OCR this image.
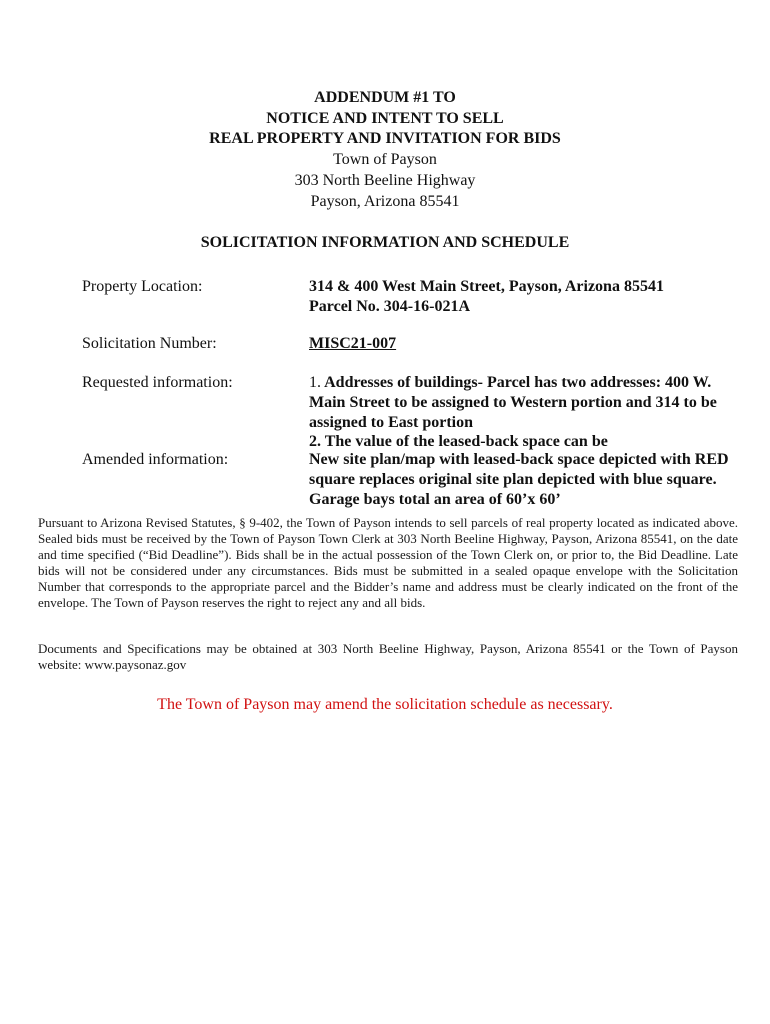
ADDENDUM #1 TO
NOTICE AND INTENT TO SELL
REAL PROPERTY AND INVITATION FOR BIDS
Town of Payson
303 North Beeline Highway
Payson, Arizona 85541
SOLICITATION INFORMATION AND SCHEDULE
Property Location:	314 & 400 West Main Street, Payson, Arizona 85541
Parcel No. 304-16-021A
Solicitation Number:	MISC21-007
Requested information:	1. Addresses of buildings- Parcel has two addresses: 400 W.
Main Street to be assigned to Western portion and 314 to be
assigned to East portion
2. The value of the leased-back space can be
Amended information:	New site plan/map with leased-back space depicted with RED
square replaces original site plan depicted with blue square.
Garage bays total an area of 60’x 60’

Pursuant to Arizona Revised Statutes, § 9-402, the Town of Payson intends to sell parcels of real property located as indicated above. Sealed bids must be received by the Town of Payson Town Clerk at 303 North Beeline Highway, Payson, Arizona 85541, on the date and time specified (“Bid Deadline”). Bids shall be in the actual possession of the Town Clerk on, or prior to, the Bid Deadline. Late bids will not be considered under any circumstances. Bids must be submitted in a sealed opaque envelope with the Solicitation Number that corresponds to the appropriate parcel and the Bidder’s name and address must be clearly indicated on the front of the envelope. The Town of Payson reserves the right to reject any and all bids.

Documents and Specifications may be obtained at 303 North Beeline Highway, Payson, Arizona 85541 or the Town of Payson website: www.paysonaz.gov

The Town of Payson may amend the solicitation schedule as necessary.
